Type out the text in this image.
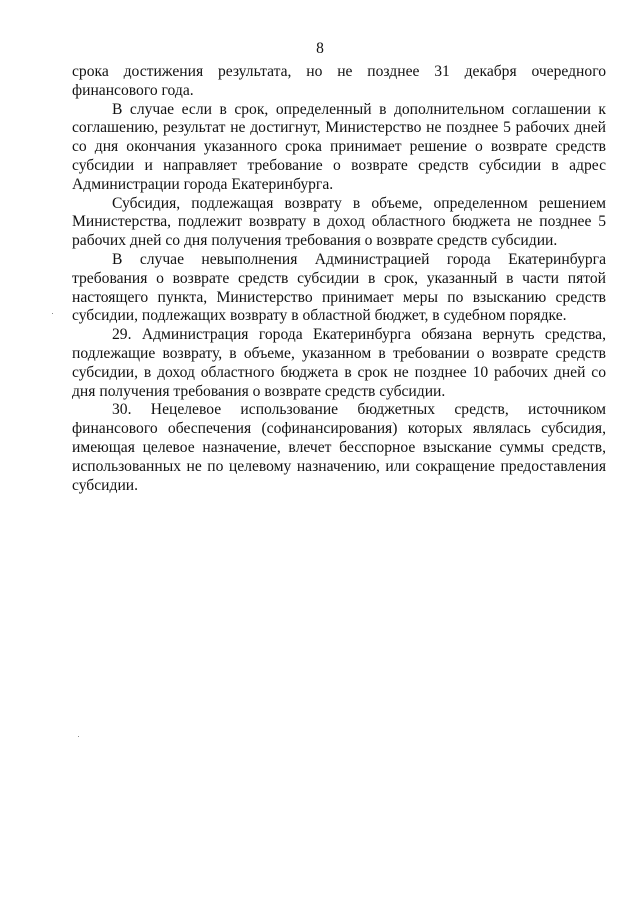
8

срока достижения результата, но не позднее 31 декабря очередного финансового года.

В случае если в срок, определенный в дополнительном соглашении к соглашению, результат не достигнут, Министерство не позднее 5 рабочих дней со дня окончания указанного срока принимает решение о возврате средств субсидии и направляет требование о возврате средств субсидии в адрес Администрации города Екатеринбурга.

Субсидия, подлежащая возврату в объеме, определенном решением Министерства, подлежит возврату в доход областного бюджета не позднее 5 рабочих дней со дня получения требования о возврате средств субсидии.

В случае невыполнения Администрацией города Екатеринбурга требования о возврате средств субсидии в срок, указанный в части пятой настоящего пункта, Министерство принимает меры по взысканию средств субсидии, подлежащих возврату в областной бюджет, в судебном порядке.

29. Администрация города Екатеринбурга обязана вернуть средства, подлежащие возврату, в объеме, указанном в требовании о возврате средств субсидии, в доход областного бюджета в срок не позднее 10 рабочих дней со дня получения требования о возврате средств субсидии.

30. Нецелевое использование бюджетных средств, источником финансового обеспечения (софинансирования) которых являлась субсидия, имеющая целевое назначение, влечет бесспорное взыскание суммы средств, использованных не по целевому назначению, или сокращение предоставления субсидии.
